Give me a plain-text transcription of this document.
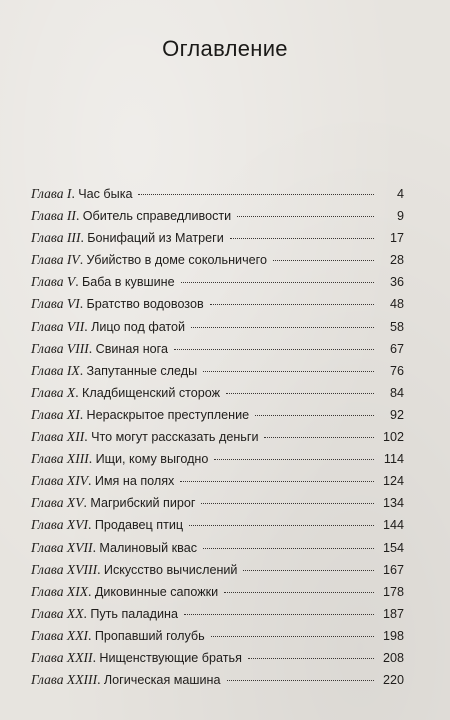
Оглавление
Глава I . Час быка	4
Глава II . Обитель справедливости	9
Глава III . Бонифаций из Матреги	17
Глава IV . Убийство в доме сокольничего	28
Глава V . Баба в кувшине	36
Глава VI . Братство водовозов	48
Глава VII . Лицо под фатой	58
Глава VIII . Свиная нога	67
Глава IX . Запутанные следы	76
Глава X . Кладбищенский сторож	84
Глава XI . Нераскрытое преступление	92
Глава XII . Что могут рассказать деньги	102
Глава XIII . Ищи, кому выгодно	114
Глава XIV . Имя на полях	124
Глава XV . Магрибский пирог	134
Глава XVI . Продавец птиц	144
Глава XVII . Малиновый квас	154
Глава XVIII . Искусство вычислений	167
Глава XIX . Диковинные сапожки	178
Глава XX . Путь паладина	187
Глава XXI . Пропавший голубь	198
Глава XXII . Нищенствующие братья	208
Глава XXIII . Логическая машина	220
